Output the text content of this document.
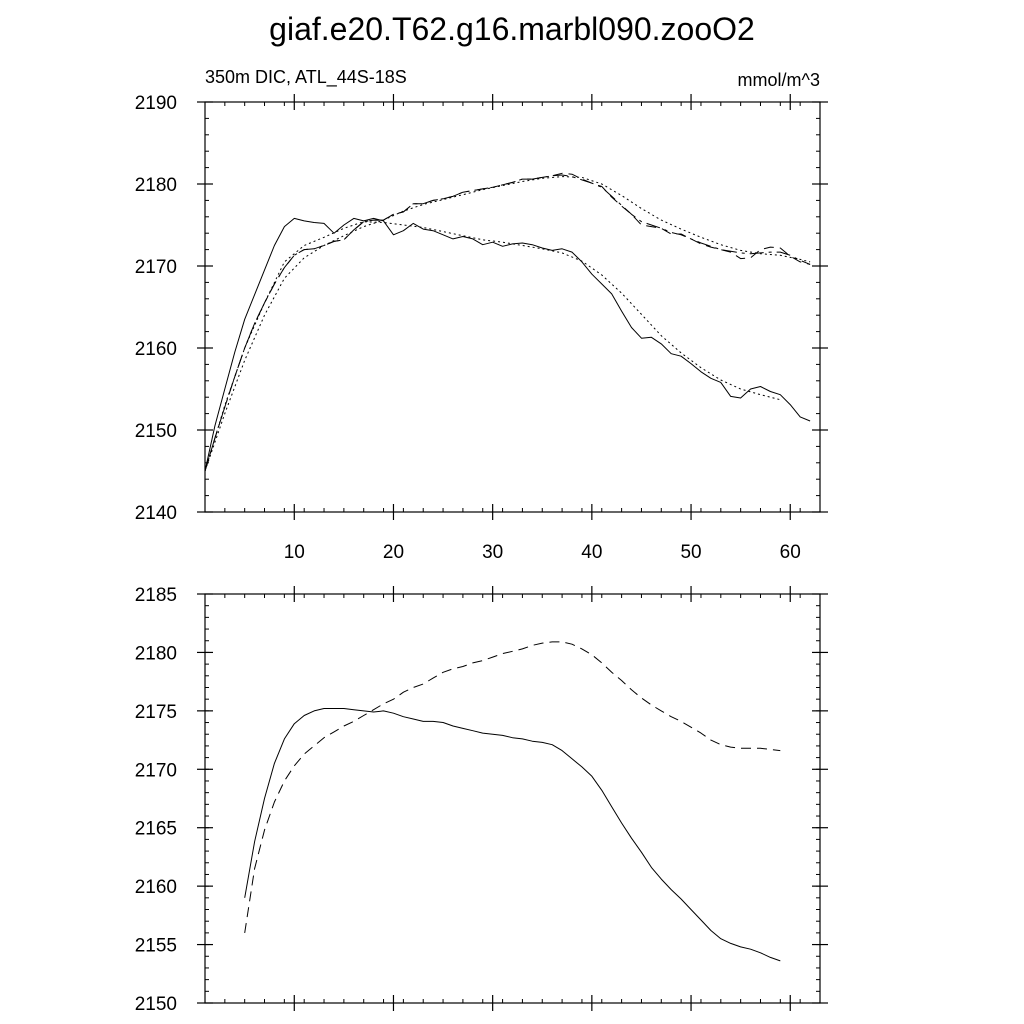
giaf.e20.T62.g16.marbl090.zooO2
350m DIC, ATL_44S-18S	mmol/m^3
10	20	30	40	50	60
2140
2150
2160
2170
2180
2190
2150
2155
2160
2165
2170
2175
2180
2185
